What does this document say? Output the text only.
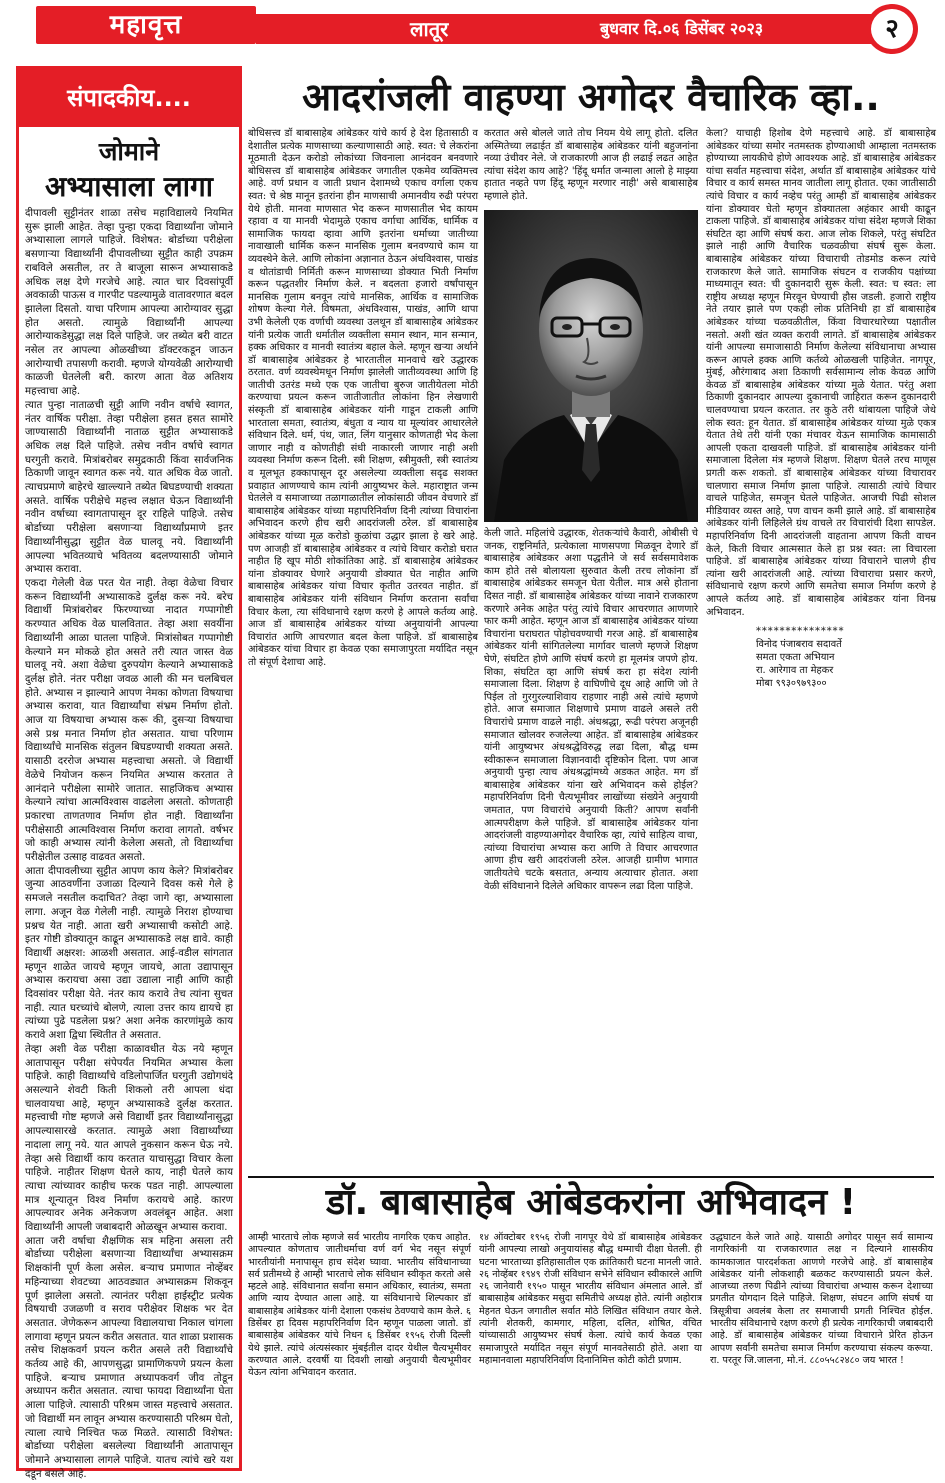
महावृत्त	लातूर	बुधवार दि.०६ डिसेंबर २०२३	२
संपादकीय....
जोमाने
अभ्यासाला लागा

दीपावली सुट्टीनंतर शाळा तसेच महाविद्यालये नियमित सुरू झाली आहेत. तेव्हा पुन्हा एकदा विद्यार्थ्यांना जोमाने अभ्यासाला लागले पाहिजे. विशेषत: बोर्डाच्या परीक्षेला बसणाऱ्या विद्यार्थ्यांनी दीपावलीच्या सुट्टीत काही उपक्रम राबविले असतील, तर ते बाजूला सारून अभ्यासाकडे अधिक लक्ष देणे गरजेचे आहे. त्यात चार दिवसांपूर्वी अवकाळी पाऊस व गारपीट पडल्यामुळे वातावरणात बदल झालेला दिसतो. याचा परिणाम आपल्या आरोग्यावर सुद्धा होत असतो. त्यामुळे विद्यार्थ्यांनी आपल्या आरोग्याकडेसुद्धा लक्ष दिले पाहिजे. जर तब्येत बरी वाटत नसेल तर आपल्या ओळखीच्या डॉक्टरकडून जाऊन आरोग्याची तपासणी करावी. म्हणजे योग्यवेळी आरोग्याची काळजी घेतलेली बरी. कारण आता वेळ अतिशय महत्त्वाचा आहे.

त्यात पुन्हा नाताळची सुट्टी आणि नवीन वर्षाचे स्वागत, नंतर वार्षिक परीक्षा. तेव्हा परीक्षेला हसत हसत सामोरे जाण्यासाठी विद्यार्थ्यांनी नाताळ सुट्टीत अभ्यासाकडे अधिक लक्ष दिले पाहिजे. तसेच नवीन वर्षाचे स्वागत घरगुती करावे. मित्रांबरोबर समुद्रकाठी किंवा सार्वजनिक ठिकाणी जावून स्वागत करू नये. यात अधिक वेळ जातो. त्याचप्रमाणे बाहेरचे खाल्ल्याने तब्येत बिघडण्याची शक्यता असते. वार्षिक परीक्षेचे महत्त्व लक्षात घेऊन विद्यार्थ्यांनी नवीन वर्षाच्या स्वागतापासून दूर राहिले पाहिजे. तसेच बोर्डाच्या परीक्षेला बसणाऱ्या विद्यार्थ्यांप्रमाणे इतर विद्यार्थ्यांनीसुद्धा सुट्टीत वेळ घालवू नये. विद्यार्थ्यांनी आपल्या भवितव्याचे भवितव्य बदलण्यासाठी जोमाने अभ्यास करावा.

एकदा गेलेली वेळ परत येत नाही. तेव्हा वेळेचा विचार करून विद्यार्थ्यांनी अभ्यासाकडे दुर्लक्ष करू नये. बरेच विद्यार्थी मित्रांबरोबर फिरण्याच्या नादात गप्पागोष्टी करण्यात अधिक वेळ घालवितात. तेव्हा अशा सवयींना विद्यार्थ्यांनी आळा घातला पाहिजे. मित्रांसोबत गप्पागोष्टी केल्याने मन मोकळे होत असते तरी त्यात जास्त वेळ घालवू नये. अशा वेळेचा दुरुपयोग केल्याने अभ्यासाकडे दुर्लक्ष होते. नंतर परीक्षा जवळ आली की मन चलबिचल होते. अभ्यास न झाल्याने आपण नेमका कोणता विषयाचा अभ्यास करावा, यात विद्यार्थ्यांचा संभ्रम निर्माण होतो. आज या विषयाचा अभ्यास करू की, दुसऱ्या विषयाचा असे प्रश्न मनात निर्माण होत असतात. याचा परिणाम विद्यार्थ्यांचे मानसिक संतुलन बिघडण्याची शक्यता असते. यासाठी दररोज अभ्यास महत्त्वाचा असतो. जे विद्यार्थी वेळेचे नियोजन करून नियमित अभ्यास करतात ते आनंदाने परीक्षेला सामोरे जातात. साहजिकच अभ्यास केल्याने त्यांचा आत्मविश्वास वाढलेला असतो. कोणताही प्रकारचा ताणतणाव निर्माण होत नाही. विद्यार्थ्यांना परीक्षेसाठी आत्मविश्वास निर्माण करावा लागतो. वर्षभर जो काही अभ्यास त्यांनी केलेला असतो, तो विद्यार्थ्याचा परीक्षेतील उत्साह वाढवत असतो.

आता दीपावलीच्या सुट्टीत आपण काय केले? मित्रांबरोबर जुन्या आठवणींना उजाळा दिल्याने दिवस कसे गेले हे समजले नसतील कदाचित? तेव्हा जागे व्हा, अभ्यासाला लागा. अजून वेळ गेलेली नाही. त्यामुळे निराश होण्याचा प्रश्नच येत नाही. आता खरी अभ्यासाची कसोटी आहे. इतर गोष्टी डोक्यातून काढून अभ्यासाकडे लक्ष द्यावे. काही विद्यार्थी अक्षरश: आळशी असतात. आई-वडील सांगतात म्हणून शाळेत जायचे म्हणून जायचे, आता उद्यापासून अभ्यास करायचा असा उद्या उद्याला नाही आणि काही दिवसांवर परीक्षा येते. नंतर काय करावे तेच त्यांना सुचत नाही. त्यात घरच्यांचे बोलणे, त्याला उत्तर काय द्यायचे हा त्यांच्या पुढे पडलेला प्रश्न? अशा अनेक कारणांमुळे काय करावे अशा द्विधा स्थितीत ते असतात.

तेव्हा अशी वेळ परीक्षा काळावधीत येऊ नये म्हणून आतापासून परीक्षा संपेपर्यंत नियमित अभ्यास केला पाहिजे. काही विद्यार्थ्यांचे वडिलोपार्जित घरगुती उद्योगधंदे असल्याने शेवटी किती शिकलो तरी आपला धंदा चालवायचा आहे, म्हणून अभ्यासाकडे दुर्लक्ष करतात. महत्त्वाची गोष्ट म्हणजे असे विद्यार्थी इतर विद्यार्थ्यांनासुद्धा आपल्यासारखे करतात. त्यामुळे अशा विद्यार्थ्यांच्या नादाला लागू नये. यात आपले नुकसान करून घेऊ नये. तेव्हा असे विद्यार्थी काय करतात याचासुद्धा विचार केला पाहिजे. नाहीतर शिक्षण घेतले काय, नाही घेतले काय त्याचा त्यांच्यावर काहीच फरक पडत नाही. आपल्याला मात्र शून्यातून विश्व निर्माण करायचे आहे. कारण आपल्यावर अनेक अनेकजण अवलंबून आहेत. अशा विद्यार्थ्यांनी आपली जबाबदारी ओळखून अभ्यास करावा.

आता जरी वर्षाचा शैक्षणिक सत्र महिना असला तरी बोर्डाच्या परीक्षेला बसणाऱ्या विद्यार्थ्यांचा अभ्यासक्रम शिक्षकांनी पूर्ण केला असेल. बऱ्याच प्रमाणात नोव्हेंबर महिन्याच्या शेवटच्या आठवड्यात अभ्यासक्रम शिकवून पूर्ण झालेला असतो. त्यानंतर परीक्षा हाईस्ट्रीट प्रत्येक विषयाची उजळणी व सराव परीक्षेवर शिक्षक भर देत असतात. जेणेकरून आपल्या विद्यालयाचा निकाल चांगला लागावा म्हणून प्रयत्न करीत असतात. यात शाळा प्रशासक तसेच शिक्षकवर्ग प्रयत्न करीत असले तरी विद्यार्थ्यांचे कर्तव्य आहे की, आपणसुद्धा प्रामाणिकपणे प्रयत्न केला पाहिजे. बऱ्याच प्रमाणात अध्यापकवर्ग जीव तोडून अध्यापन करीत असतात. त्याचा फायदा विद्यार्थ्यांना घेता आला पाहिजे. त्यासाठी परिश्रम जास्त महत्त्वाचे असतात. जो विद्यार्थी मन लावून अभ्यास करण्यासाठी परिश्रम घेतो, त्याला त्याचे निश्चित फळ मिळते. त्यासाठी विशेषत: बोर्डाच्या परीक्षेला बसलेल्या विद्यार्थ्यांनी आतापासून जोमाने अभ्यासाला लागले पाहिजे. यातच त्यांचे खरे यश दडून बसले आहे.

आदरांजली वाहण्या अगोदर वैचारिक व्हा..
बोधिसत्त्व डॉ बाबासाहेब आंबेडकर यांचे कार्य हे देश हितासाठी व देशातील प्रत्येक माणसाच्या कल्याणासाठी आहे. स्वत: चे लेकरांना मूठमाती देऊन करोडो लोकांच्या जिवनाला आनंदवन बनवणारे बोधिसत्त्व डॉ बाबासाहेब आंबेडकर जगातील एकमेव व्यक्तिमत्त्व आहे. वर्ण प्रधान व जाती प्रधान देशामध्ये एकाच वर्गाला एकच स्वत: चे श्रेष्ठ मानून इतरांना हीन माणसाची अमानवीय रुढी परंपरा येथे होती. मानवा माणसात भेद करून माणसातील भेद कायम रहावा व या मानवी भेदामुळे एकाच वर्गाचा आर्थिक, धार्मिक व सामाजिक फायदा व्हावा आणि इतरांना धर्माच्या जातीच्या नावाखाली धार्मिक करून मानसिक गुलाम बनवण्याचे काम या व्यवस्थेने केले. आणि लोकांना अज्ञानात ठेऊन अंधविश्वास, पाखंड व थोतांडाची निर्मिती करून माणसाच्या डोक्यात भिती निर्माण करून पद्धतशीर निर्माण केले. न बदलता हजारो वर्षांपासून मानसिक गुलाम बनवून त्यांचे मानसिक, आर्थिक व सामाजिक शोषण केल्या गेले. विषमता, अंधविश्वास, पाखंड, आणि थापा उभी केलेली एक वर्णाची व्यवस्था उलथून डॉ बाबासाहेब आंबेडकर यांनी प्रत्येक जाती धर्मातील व्यक्तीला समान स्थान, मान सन्मान, हक्क अधिकार व मानवी स्वातंत्र्य बहाल केले. म्हणून खऱ्या अर्थाने डॉ बाबासाहेब आंबेडकर हे भारतातील मानवाचे खरे उद्धारक ठरतात. वर्ण व्यवस्थेमधून निर्माण झालेली जातीव्यवस्था आणि हि जातीची उतरंड मध्ये एक एक जातीचा बुरुज जातीयेतला मोठी करण्याचा प्रयत्न करून जातीजातीत लोकांना हिन लेखणारी संस्कृती डॉ बाबासाहेब आंबेडकर यांनी गाडून टाकली आणि भारताला समता, स्वातंत्र्य, बंधुता व न्याय या मूल्यांवर आधारलेले संविधान दिले. धर्म, पंथ, जात, लिंग यानुसार कोणताही भेद केला जाणार नाही व कोणतीही संधी नाकारली जाणार नाही अशी व्यवस्था निर्माण करून दिली. स्त्री शिक्षण, स्त्रीमुक्ती, स्त्री स्वातंत्र्य व मूलभूत हक्कापासून दूर असलेल्या व्यक्तीला सदृढ सशक्त प्रवाहात आणण्याचे काम त्यांनी आयुष्यभर केले. महाराष्ट्रात जन्म घेतलेले व समाजाच्या तळागाळातील लोकांसाठी जीवन वेचणारे डॉ बाबासाहेब आंबेडकर यांच्या महापरिनिर्वाण दिनी त्यांच्या विचारांना अभिवादन करणे हीच खरी आदरांजली ठरेल. डॉ बाबासाहेब आंबेडकर यांच्या मूळ करोडो कुळांचा उद्धार झाला हे खरे आहे. पण आजही डॉ बाबासाहेब आंबेडकर व त्यांचे विचार करोडो घरात नाहीत हि खूप मोठी शोकांतिका आहे. डॉ बाबासाहेब आंबेडकर यांना डोक्यावर घेणारे अनुयायी डोक्यात घेत नाहीत आणि बाबासाहेब आंबेडकर यांचा विचार कृतीत उतरवत नाहीत. डॉ बाबासाहेब आंबेडकर यांनी संविधान निर्माण करताना सर्वांचा विचार केला, त्या संविधानाचे रक्षण करणे हे आपले कर्तव्य आहे. आज डॉ बाबासाहेब आंबेडकर यांच्या अनुयायांनी आपल्या विचारांत आणि आचरणात बदल केला पाहिजे. डॉ बाबासाहेब आंबेडकर यांचा विचार हा केवळ एका समाजापुरता मर्यादित नसून तो संपूर्ण देशाचा आहे.
करतात असे बोलले जाते तोच नियम येथे लागू होतो. दलित अस्मितेच्या लढाईत डॉ बाबासाहेब आंबेडकर यांनी बहुजनांना नव्या उंचीवर नेले. जे राजकारणी आज ही लढाई लढत आहेत त्यांचा संदेश काय आहे? 'हिंदू धर्मात जन्माला आलो हे माझ्या हातात नव्हते पण हिंदू म्हणून मरणार नाही' असे बाबासाहेब म्हणाले होते.
केली जाते. महिलांचे उद्धारक, शेतकऱ्यांचे कैवारी, ओबीसी चे जनक, राष्ट्रनिर्माते, प्रत्येकाला माणसपणा मिळवून देणारे डॉ बाबासाहेब आंबेडकर अशा पद्धतीने जे सर्व सर्वसमावेशक काम होते तसे बोलायला सुरुवात केली तरच लोकांना डॉ बाबासाहेब आंबेडकर समजून घेता येतील. मात्र असे होताना दिसत नाही. डॉ बाबासाहेब आंबेडकर यांच्या नावाने राजकारण करणारे अनेक आहेत परंतु त्यांचे विचार आचरणात आणणारे फार कमी आहेत. म्हणून आज डॉ बाबासाहेब आंबेडकर यांच्या विचारांना घराघरात पोहोचवण्याची गरज आहे. डॉ बाबासाहेब आंबेडकर यांनी सांगितलेल्या मार्गावर चालणे म्हणजे शिक्षण घेणे, संघटित होणे आणि संघर्ष करणे हा मूलमंत्र जपणे होय. शिका, संघटित व्हा आणि संघर्ष करा हा संदेश त्यांनी समाजाला दिला. शिक्षण हे वाघिणीचे दूध आहे आणि जो ते पिईल तो गुरगुरल्याशिवाय राहणार नाही असे त्यांचे म्हणणे होते. आज समाजात शिक्षणाचे प्रमाण वाढले असले तरी विचारांचे प्रमाण वाढले नाही. अंधश्रद्धा, रूढी परंपरा अजूनही समाजात खोलवर रुजलेल्या आहेत. डॉ बाबासाहेब आंबेडकर यांनी आयुष्यभर अंधश्रद्धेविरुद्ध लढा दिला, बौद्ध धम्म स्वीकारून समाजाला विज्ञानवादी दृष्टिकोन दिला. पण आज अनुयायी पुन्हा त्याच अंधश्रद्धांमध्ये अडकत आहेत. मग डॉ बाबासाहेब आंबेडकर यांना खरे अभिवादन कसे होईल? महापरिनिर्वाण दिनी चैत्यभूमीवर लाखोंच्या संख्येने अनुयायी जमतात, पण विचारांचे अनुयायी किती? आपण सर्वांनी आत्मपरीक्षण केले पाहिजे. डॉ बाबासाहेब आंबेडकर यांना आदरांजली वाहण्याअगोदर वैचारिक व्हा, त्यांचे साहित्य वाचा, त्यांच्या विचारांचा अभ्यास करा आणि ते विचार आचरणात आणा हीच खरी आदरांजली ठरेल. आजही ग्रामीण भागात जातीयतेचे चटके बसतात, अन्याय अत्याचार होतात. अशा वेळी संविधानाने दिलेले अधिकार वापरून लढा दिला पाहिजे.
केला? याचाही हिशोब देणे महत्त्वाचे आहे. डॉ बाबासाहेब आंबेडकर यांच्या समोर नतमस्तक होण्याआधी आम्हाला नतमस्तक होण्याच्या लायकीचे होणे आवश्यक आहे. डॉ बाबासाहेब आंबेडकर यांचा सर्वात महत्त्वाचा संदेश, अर्थात डॉ बाबासाहेब आंबेडकर यांचे विचार व कार्य समस्त मानव जातीला लागू होतात. एका जातीसाठी त्यांचे विचार व कार्य नव्हेच परंतु आम्ही डॉ बाबासाहेब आंबेडकर यांना डोक्यावर घेतो म्हणून डोक्यातला अहंकार आधी काढून टाकला पाहिजे. डॉ बाबासाहेब आंबेडकर यांचा संदेश म्हणजे शिका संघटित व्हा आणि संघर्ष करा. आज लोक शिकले, परंतु संघटित झाले नाही आणि वैचारिक चळवळीचा संघर्ष सुरू केला. बाबासाहेब आंबेडकर यांच्या विचाराची तोडमोड करून त्यांचे राजकारण केले जाते. सामाजिक संघटन व राजकीय पक्षांच्या माध्यमातून स्वत: ची दुकानदारी सुरू केली. स्वत: च स्वत: ला राष्ट्रीय अध्यक्ष म्हणून मिरवून घेण्याची हौस जडली. हजारो राष्ट्रीय नेते तयार झाले पण एकही लोक प्रतिनिधी हा डॉ बाबासाहेब आंबेडकर यांच्या चळवळीतील, किंवा विचारधारेच्या पक्षातील नसतो. अशी खंत व्यक्त करावी लागते. डॉ बाबासाहेब आंबेडकर यांनी आपल्या समाजासाठी निर्माण केलेल्या संविधानाचा अभ्यास करून आपले हक्क आणि कर्तव्ये ओळखली पाहिजेत. नागपूर, मुंबई, औरंगाबाद अशा ठिकाणी सर्वसामान्य लोक केवळ आणि केवळ डॉ बाबासाहेब आंबेडकर यांच्या मुळे येतात. परंतु अशा ठिकाणी दुकानदार आपल्या दुकानाची जाहिरात करून दुकानदारी चालवण्याचा प्रयत्न करतात. तर कुठे तरी थांबायला पाहिजे जेथे लोक स्वत: हून येतात. डॉ बाबासाहेब आंबेडकर यांच्या मुळे एकत्र येतात तेथे तरी यांनी एका मंचावर येऊन सामाजिक कामासाठी आपली एकता दाखवली पाहिजे. डॉ बाबासाहेब आंबेडकर यांनी समाजाला दिलेला मंत्र म्हणजे शिक्षण. शिक्षण घेतले तरच माणूस प्रगती करू शकतो. डॉ बाबासाहेब आंबेडकर यांच्या विचारावर चालणारा समाज निर्माण झाला पाहिजे. त्यासाठी त्यांचे विचार वाचले पाहिजेत, समजून घेतले पाहिजेत. आजची पिढी सोशल मीडियावर व्यस्त आहे, पण वाचन कमी झाले आहे. डॉ बाबासाहेब आंबेडकर यांनी लिहिलेले ग्रंथ वाचले तर विचारांची दिशा सापडेल. महापरिनिर्वाण दिनी आदरांजली वाहताना आपण किती वाचन केले, किती विचार आत्मसात केले हा प्रश्न स्वत: ला विचारला पाहिजे. डॉ बाबासाहेब आंबेडकर यांच्या विचाराने चालणे हीच त्यांना खरी आदरांजली आहे. त्यांच्या विचाराचा प्रसार करणे, संविधानाचे रक्षण करणे आणि समतेचा समाज निर्माण करणे हे आपले कर्तव्य आहे. डॉ बाबासाहेब आंबेडकर यांना विनम्र अभिवादन.
***************
विनोद पंजाबराव सदावर्ते
समता एकता अभियान
रा. आरेगाव ता मेहकर
मोबा ९९३०९७९३००
डॉ. बाबासाहेब आंबेडकरांना अभिवादन !
आम्ही भारताचे लोक म्हणजे सर्व भारतीय नागरिक एकच आहोत. आपल्यात कोणताच जातीधर्माचा वर्ण वर्ग भेद नसून संपूर्ण भारतीयांनी मनापासून हाच संदेश घ्यावा. भारतीय संविधानाच्या सर्व प्रतीमध्ये हे आम्ही भारताचे लोक संविधान स्वीकृत करतो असे म्हटले आहे. संविधानात सर्वांना समान अधिकार, स्वातंत्र्य, समता आणि न्याय देण्यात आला आहे. या संविधानाचे शिल्पकार डॉ बाबासाहेब आंबेडकर यांनी देशाला एकसंध ठेवण्याचे काम केले. ६ डिसेंबर हा दिवस महापरिनिर्वाण दिन म्हणून पाळला जातो. डॉ बाबासाहेब आंबेडकर यांचे निधन ६ डिसेंबर १९५६ रोजी दिल्ली येथे झाले. त्यांचे अंत्यसंस्कार मुंबईतील दादर येथील चैत्यभूमीवर करण्यात आले. दरवर्षी या दिवशी लाखो अनुयायी चैत्यभूमीवर येऊन त्यांना अभिवादन करतात.
१४ ऑक्टोबर १९५६ रोजी नागपूर येथे डॉ बाबासाहेब आंबेडकर यांनी आपल्या लाखो अनुयायांसह बौद्ध धम्माची दीक्षा घेतली. ही घटना भारताच्या इतिहासातील एक क्रांतिकारी घटना मानली जाते. २६ नोव्हेंबर १९४९ रोजी संविधान सभेने संविधान स्वीकारले आणि २६ जानेवारी १९५० पासून भारतीय संविधान अंमलात आले. डॉ बाबासाहेब आंबेडकर मसुदा समितीचे अध्यक्ष होते. त्यांनी अहोरात्र मेहनत घेऊन जगातील सर्वात मोठे लिखित संविधान तयार केले. त्यांनी शेतकरी, कामगार, महिला, दलित, शोषित, वंचित यांच्यासाठी आयुष्यभर संघर्ष केला. त्यांचे कार्य केवळ एका समाजापुरते मर्यादित नसून संपूर्ण मानवतेसाठी होते. अशा या महामानवाला महापरिनिर्वाण दिनानिमित्त कोटी कोटी प्रणाम.
उद्धघाटन केले जाते आहे. यासाठी अगोदर पासून सर्व सामान्य नागरिकांनी या राजकारणात लक्ष न दिल्याने शासकीय कामकाजात पारदर्शकता आणणे गरजेचे आहे. डॉ बाबासाहेब आंबेडकर यांनी लोकशाही बळकट करण्यासाठी प्रयत्न केले. आजच्या तरुण पिढीने त्यांच्या विचारांचा अभ्यास करून देशाच्या प्रगतीत योगदान दिले पाहिजे. शिक्षण, संघटन आणि संघर्ष या त्रिसूत्रीचा अवलंब केला तर समाजाची प्रगती निश्चित होईल. भारतीय संविधानाचे रक्षण करणे ही प्रत्येक नागरिकाची जबाबदारी आहे. डॉ बाबासाहेब आंबेडकर यांच्या विचाराने प्रेरित होऊन आपण सर्वांनी समतेचा समाज निर्माण करण्याचा संकल्प करूया. रा. परतूर जि.जालना, मो.नं. ८८०५५८२४८० जय भारत !
